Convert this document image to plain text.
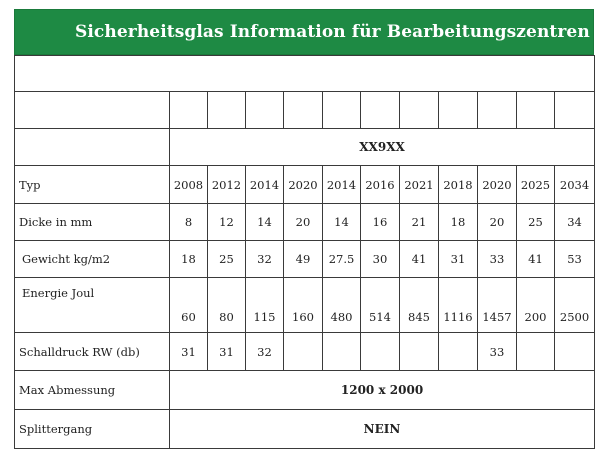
Sicherheitsglas Information für Bearbeitungszentren

	XX9XX										
Typ	2008	2012	2014	2020	2014	2016	2021	2018	2020	2025	2034
Dicke in mm	8	12	14	20	14	16	21	18	20	25	34
Gewicht kg/m2	18	25	32	49	27.5	30	41	31	33	41	53
Energie Joul	60	80	115	160	480	514	845	1116	1457	200	2500
Schalldruck RW (db)	31	31	32						33		
Max Abmessung	1200 x 2000										
Splittergang	NEIN										
